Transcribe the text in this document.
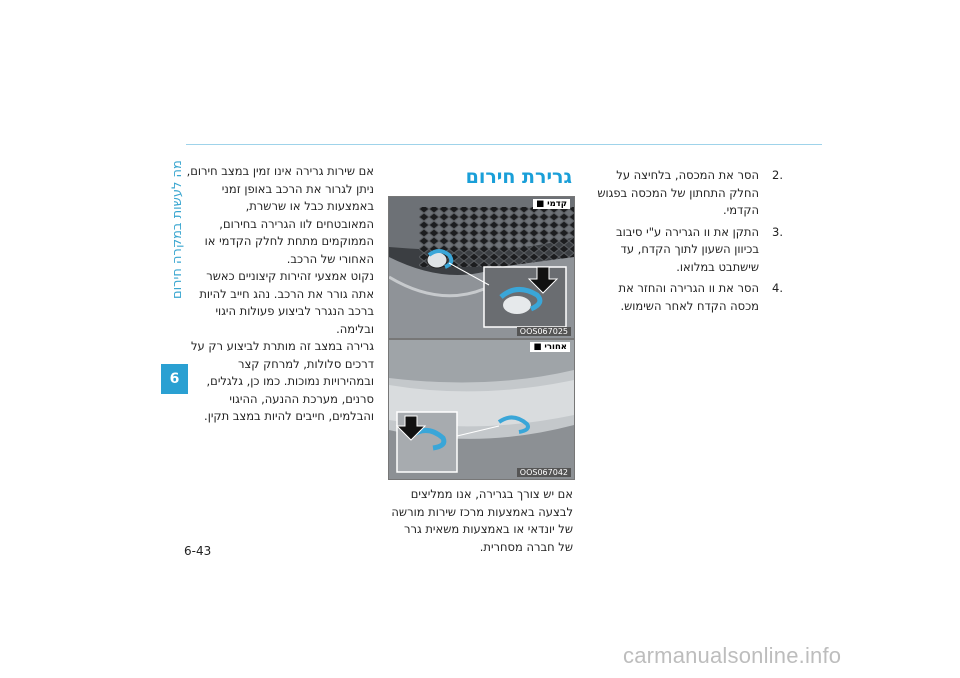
מה לעשות במקרה חירום
6

אם שירות גרירה אינו זמין במצב חירום, ניתן לגרור את הרכב באופן זמני באמצעות כבל או שרשרת, המאובטחים לוו הגרירה בחירום, הממוקמים מתחת לחלק הקדמי או האחורי של הרכב.

נקוט אמצעי זהירות קיצוניים כאשר אתה גורר את הרכב. נהג חייב להיות ברכב הנגרר לביצוע פעולות היגוי ובלימה.

גרירה במצב זה מותרת לביצוע רק על דרכים סלולות, למרחק קצר ובמהירויות נמוכות. כמו כן, גלגלים, סרנים, מערכת ההנעה, ההיגוי והבלמים, חייבים להיות במצב תקין.

גרירת חירום
קדמי ■
OOS067025
אחורי ■
OOS067042

אם יש צורך בגרירה, אנו ממליצים לבצעה באמצעות מרכז שירות מורשה של יונדאי או באמצעות משאית גרר של חברה מסחרית.

2.
הסר את המכסה, בלחיצה על החלק התחתון של המכסה בפגוש הקדמי.
3.
התקן את וו הגרירה ע"י סיבוב בכיוון השעון לתוך הקדח, עד שישתבט במלואו.
4.
הסר את וו הגרירה והחזר את מכסה הקדח לאחר השימוש.
6-43
carmanualsonline.info
